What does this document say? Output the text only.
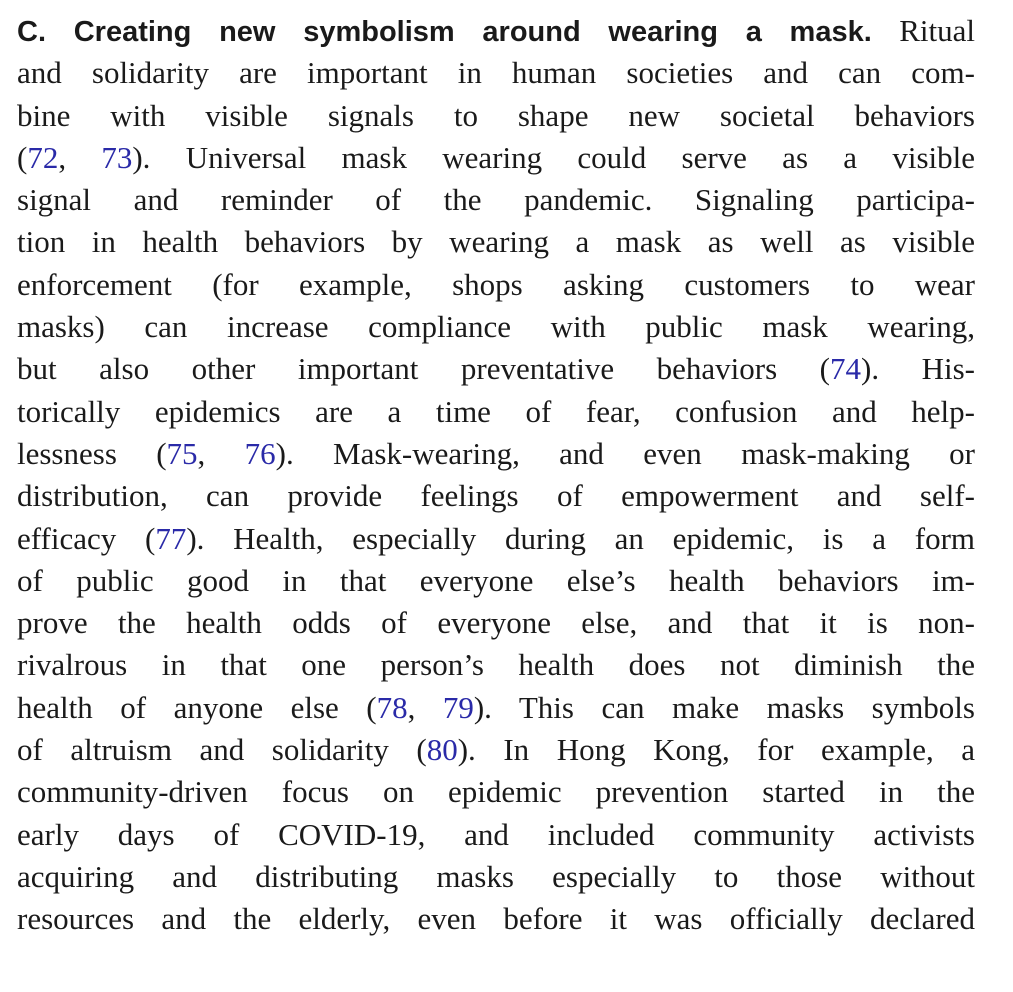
C. Creating new symbolism around wearing a mask. Ritual
and solidarity are important in human societies and can com-
bine with visible signals to shape new societal behaviors
(72, 73). Universal mask wearing could serve as a visible
signal and reminder of the pandemic. Signaling participa-
tion in health behaviors by wearing a mask as well as visible
enforcement (for example, shops asking customers to wear
masks) can increase compliance with public mask wearing,
but also other important preventative behaviors (74). His-
torically epidemics are a time of fear, confusion and help-
lessness (75, 76). Mask-wearing, and even mask-making or
distribution, can provide feelings of empowerment and self-
efficacy (77). Health, especially during an epidemic, is a form
of public good in that everyone else’s health behaviors im-
prove the health odds of everyone else, and that it is non-
rivalrous in that one person’s health does not diminish the
health of anyone else (78, 79). This can make masks symbols
of altruism and solidarity (80). In Hong Kong, for example, a
community-driven focus on epidemic prevention started in the
early days of COVID-19, and included community activists
acquiring and distributing masks especially to those without
resources and the elderly, even before it was officially declared
